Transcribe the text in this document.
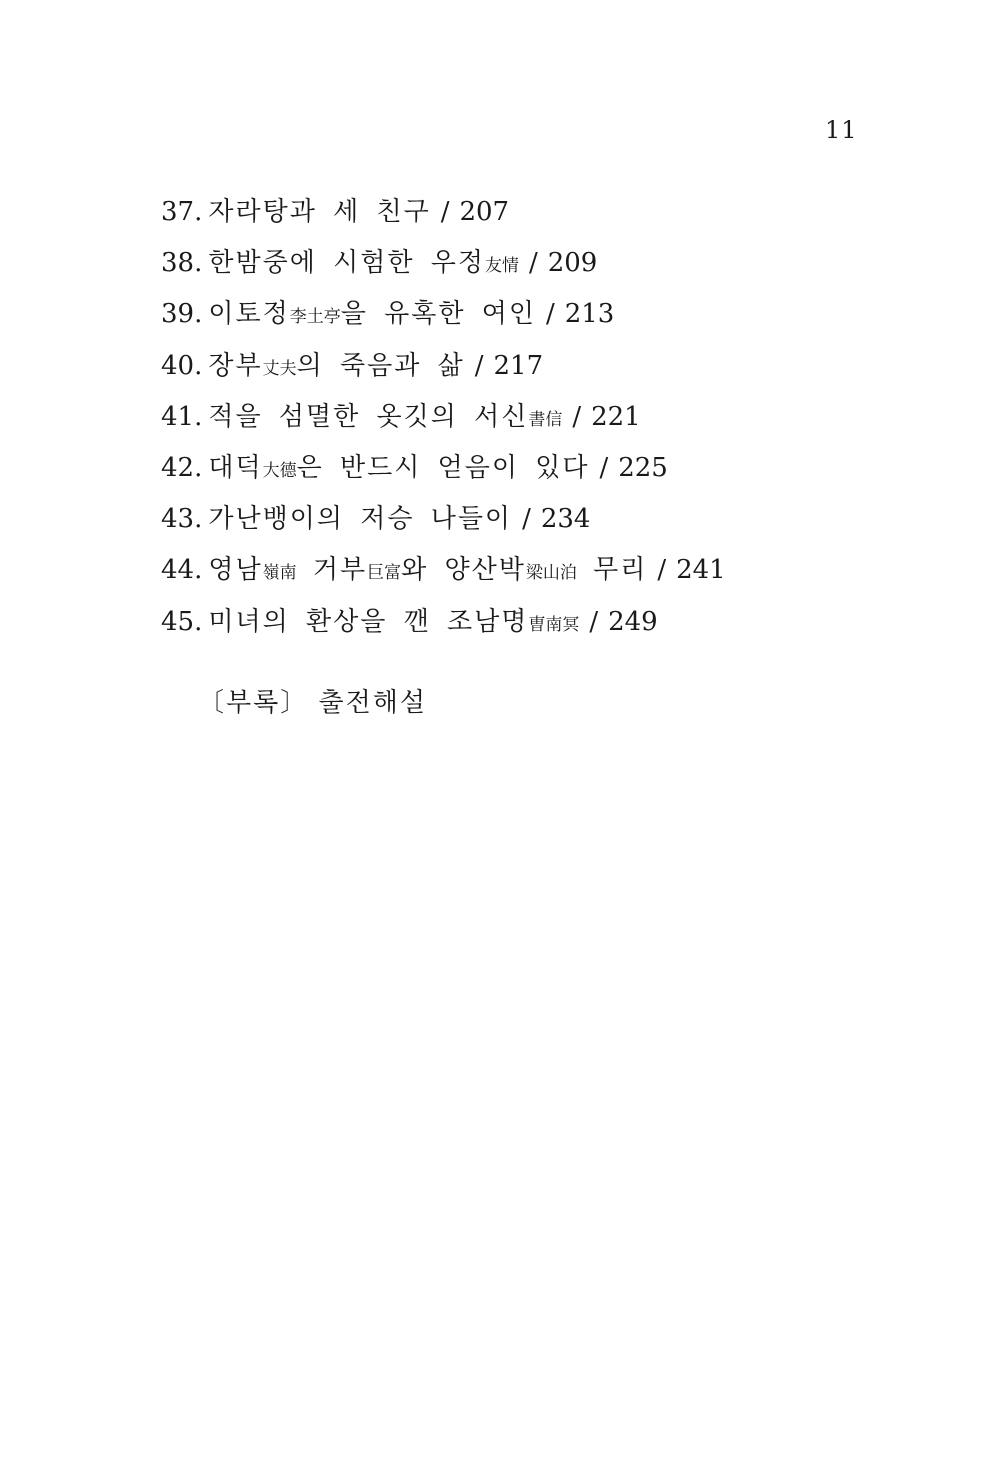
11
37. 자라탕과 세 친구 / 207
38. 한밤중에 시험한 우정友情 / 209
39. 이토정李土亭을 유혹한 여인 / 213
40. 장부丈夫의 죽음과 삶 / 217
41. 적을 섬멸한 옷깃의 서신書信 / 221
42. 대덕大德은 반드시 얻음이 있다 / 225
43. 가난뱅이의 저승 나들이 / 234
44. 영남嶺南 거부巨富와 양산박梁山泊 무리 / 241
45. 미녀의 환상을 깬 조남명曺南冥 / 249
〔부록〕 출전해설
